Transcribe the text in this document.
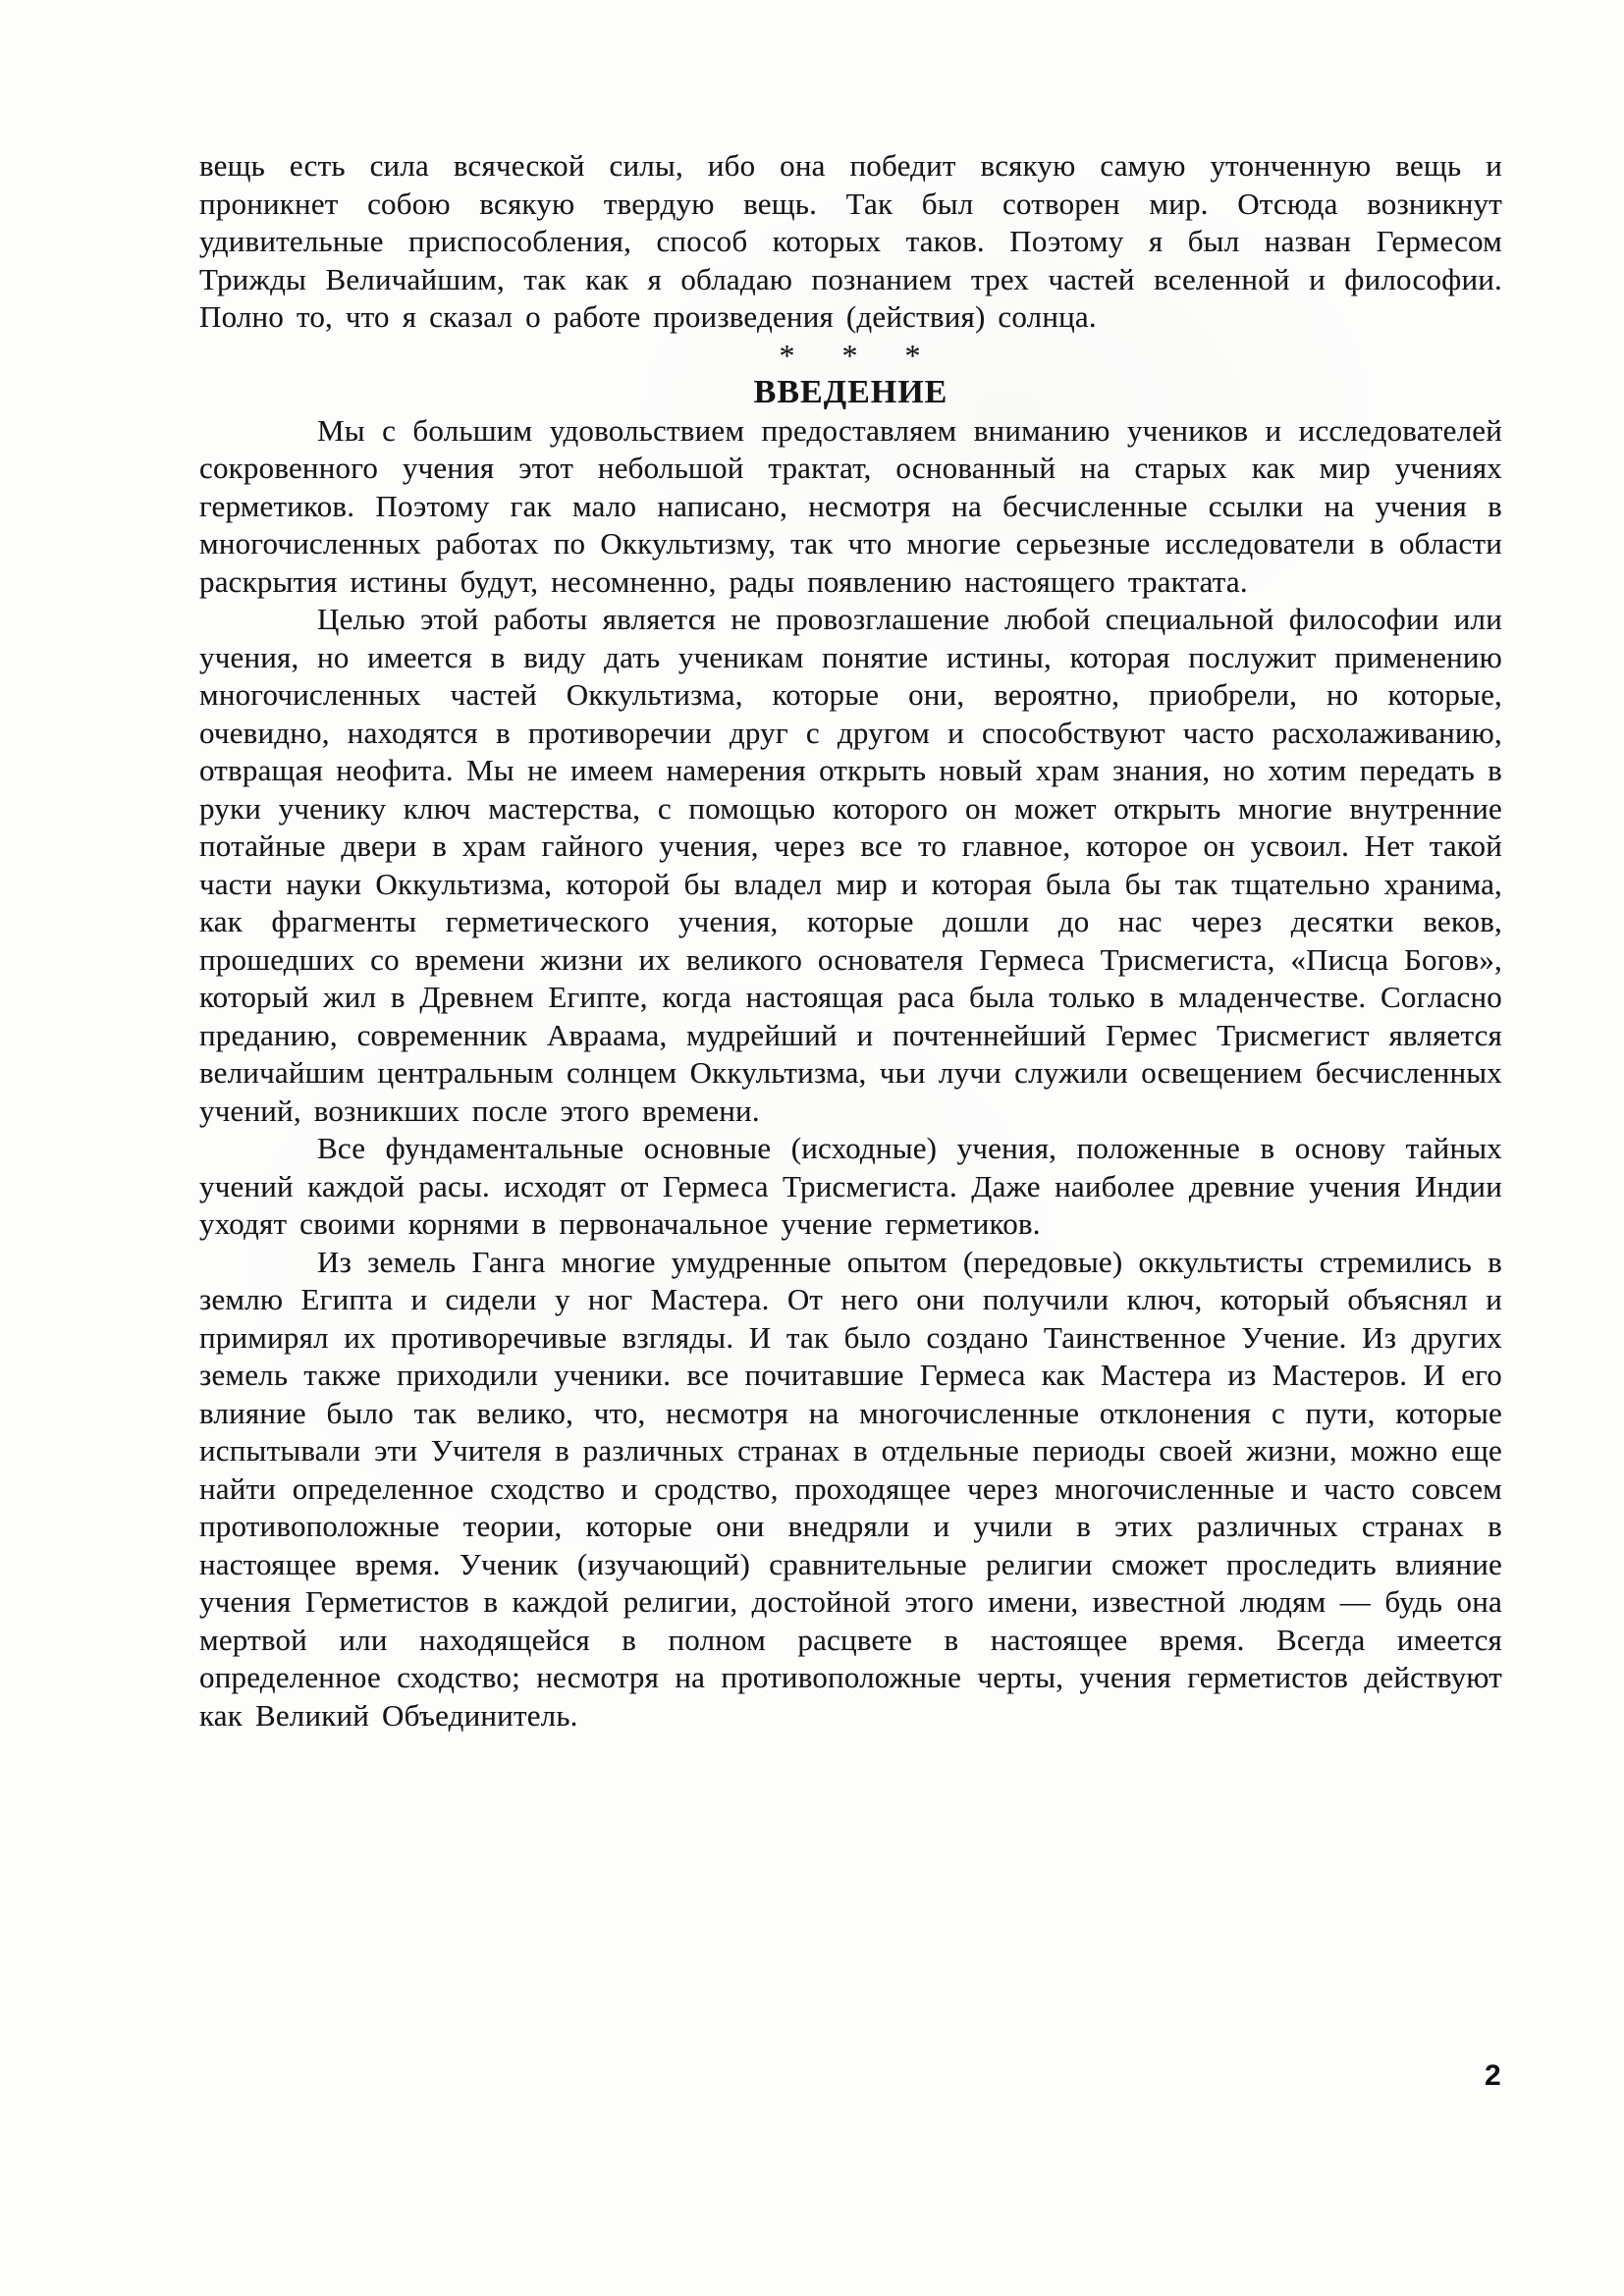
вещь есть сила всяческой силы, ибо она победит всякую самую утонченную вещь и проникнет собою всякую твердую вещь. Так был сотворен мир. Отсюда возникнут удивительные приспособления, способ которых таков. Поэтому я был назван Гермесом Трижды Величайшим, так как я обладаю познанием трех частей вселенной и философии. Полно то, что я сказал о работе произведения (действия) солнца.

* * *

ВВЕДЕНИЕ

Мы с большим удовольствием предоставляем вниманию учеников и исследователей сокровенного учения этот небольшой трактат, основанный на старых как мир учениях герметиков. Поэтому гак мало написано, несмотря на бесчисленные ссылки на учения в многочисленных работах по Оккультизму, так что многие серьезные исследователи в области раскрытия истины будут, несомненно, рады появлению настоящего трактата.

Целью этой работы является не провозглашение любой специальной философии или учения, но имеется в виду дать ученикам понятие истины, которая послужит применению многочисленных частей Оккультизма, которые они, вероятно, приобрели, но которые, очевидно, находятся в противоречии друг с другом и способствуют часто расхолаживанию, отвращая неофита. Мы не имеем намерения открыть новый храм знания, но хотим передать в руки ученику ключ мастерства, с помощью которого он может открыть многие внутренние потайные двери в храм гайного учения, через все то главное, которое он усвоил. Нет такой части науки Оккультизма, которой бы владел мир и которая была бы так тщательно хранима, как фрагменты герметического учения, которые дошли до нас через десятки веков, прошедших со времени жизни их великого основателя Гермеса Трисмегиста, «Писца Богов», который жил в Древнем Египте, когда настоящая раса была только в младенчестве. Согласно преданию, современник Авраама, мудрейший и почтеннейший Гермес Трисмегист является величайшим центральным солнцем Оккультизма, чьи лучи служили освещением бесчисленных учений, возникших после этого времени.

Все фундаментальные основные (исходные) учения, положенные в основу тайных учений каждой расы. исходят от Гермеса Трисмегиста. Даже наиболее древние учения Индии уходят своими корнями в первоначальное учение герметиков.

Из земель Ганга многие умудренные опытом (передовые) оккультисты стремились в землю Египта и сидели у ног Мастера. От него они получили ключ, который объяснял и примирял их противоречивые взгляды. И так было создано Таинственное Учение. Из других земель также приходили ученики. все почитавшие Гермеса как Мастера из Мастеров. И его влияние было так велико, что, несмотря на многочисленные отклонения с пути, которые испытывали эти Учителя в различных странах в отдельные периоды своей жизни, можно еще найти определенное сходство и сродство, проходящее через многочисленные и часто совсем противоположные теории, которые они внедряли и учили в этих различных странах в настоящее время. Ученик (изучающий) сравнительные религии сможет проследить влияние учения Герметистов в каждой религии, достойной этого имени, известной людям — будь она мертвой или находящейся в полном расцвете в настоящее время. Всегда имеется определенное сходство; несмотря на противоположные черты, учения герметистов действуют как Великий Объединитель.

2
